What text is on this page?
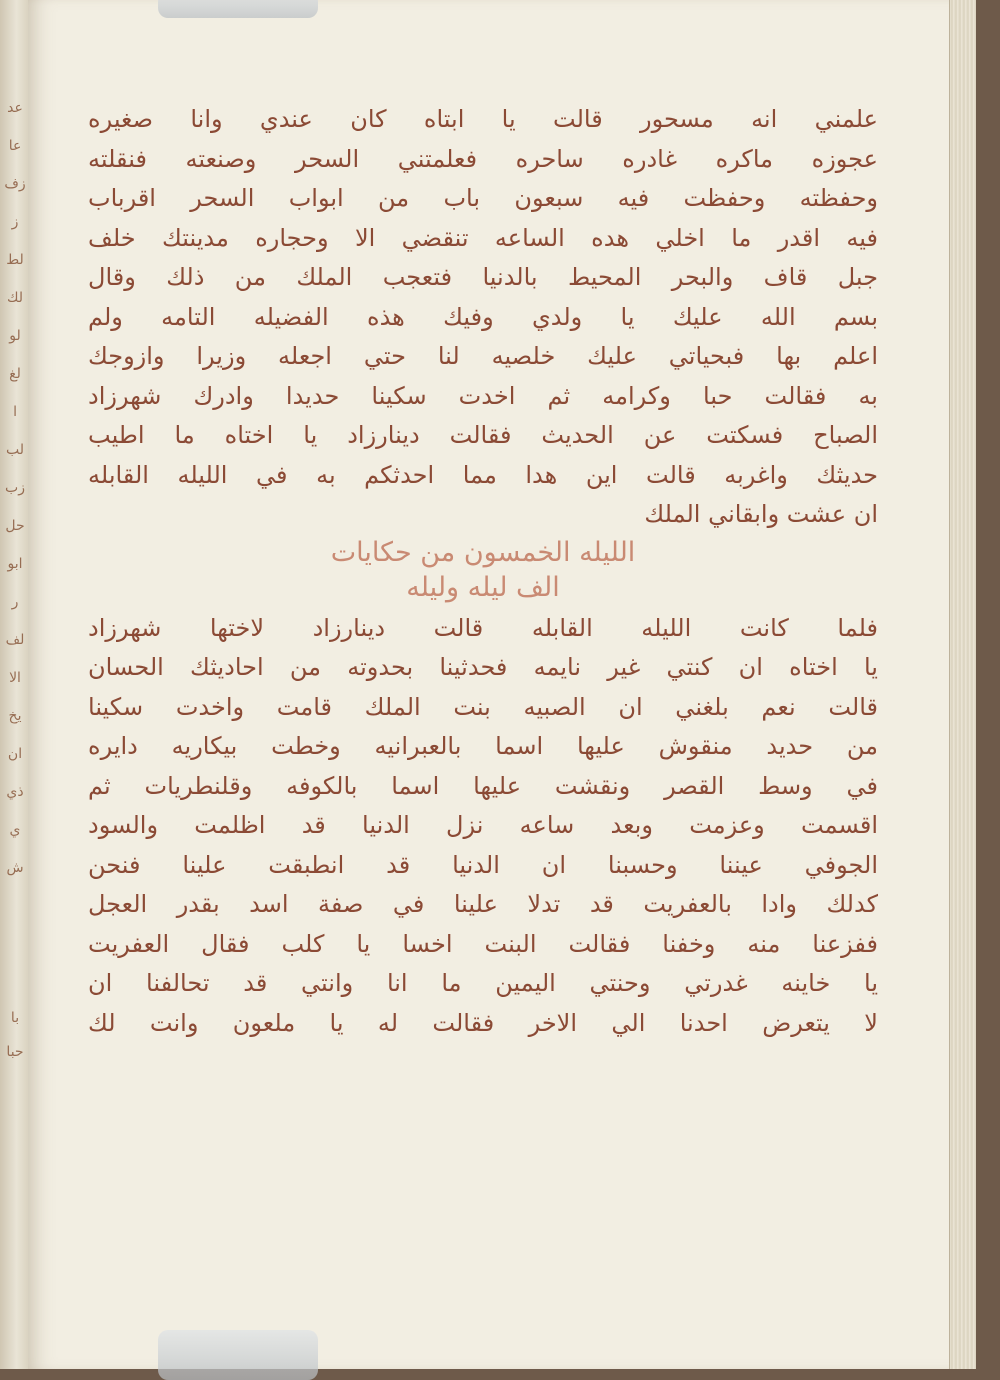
عد
عا
زف
ز
لط
لك
لو
لغ
ا
لب
زب
حل
ابو
ر
لف
الا
يخ
ان
ذي
ي
ش
با
حبا
علمني انه مسحور قالت يا ابتاه كان عندي وانا صغيره
عجوزه ماكره غادره ساحره فعلمتني السحر وصنعته فنقلته
وحفظته وحفظت فيه سبعون باب من ابواب السحر اقرباب
فيه اقدر ما اخلي هده الساعه تنقضي الا وحجاره مدينتك خلف
جبل قاف والبحر المحيط بالدنيا فتعجب الملك من ذلك وقال
بسم الله عليك يا ولدي وفيك هذه الفضيله التامه ولم
اعلم بها فبحياتي عليك خلصيه لنا حتي اجعله وزيرا وازوجك
به فقالت حبا وكرامه ثم اخدت سكينا حديدا وادرك شهرزاد
الصباح فسكتت عن الحديث فقالت دينارزاد يا اختاه ما اطيب
حديثك واغربه قالت اين هدا مما احدثكم به في الليله القابله
ان عشت وابقاني الملك
الليله الخمسون من حكايات
الف ليله وليله
فلما كانت الليله القابله قالت دينارزاد لاختها شهرزاد
يا اختاه ان كنتي غير نايمه فحدثينا بحدوته من احاديثك الحسان
قالت نعم بلغني ان الصبيه بنت الملك قامت واخدت سكينا
من حديد منقوش عليها اسما بالعبرانيه وخطت بيكاريه دايره
في وسط القصر ونقشت عليها اسما بالكوفه وقلنطريات ثم
اقسمت وعزمت وبعد ساعه نزل الدنيا قد اظلمت والسود
الجوفي عيننا وحسبنا ان الدنيا قد انطبقت علينا فنحن
كدلك وادا بالعفريت قد تدلا علينا في صفة اسد بقدر العجل
ففزعنا منه وخفنا فقالت البنت اخسا يا كلب فقال العفريت
يا خاينه غدرتي وحنتي اليمين ما انا وانتي قد تحالفنا ان
لا يتعرض احدنا الي الاخر فقالت له يا ملعون وانت لك
